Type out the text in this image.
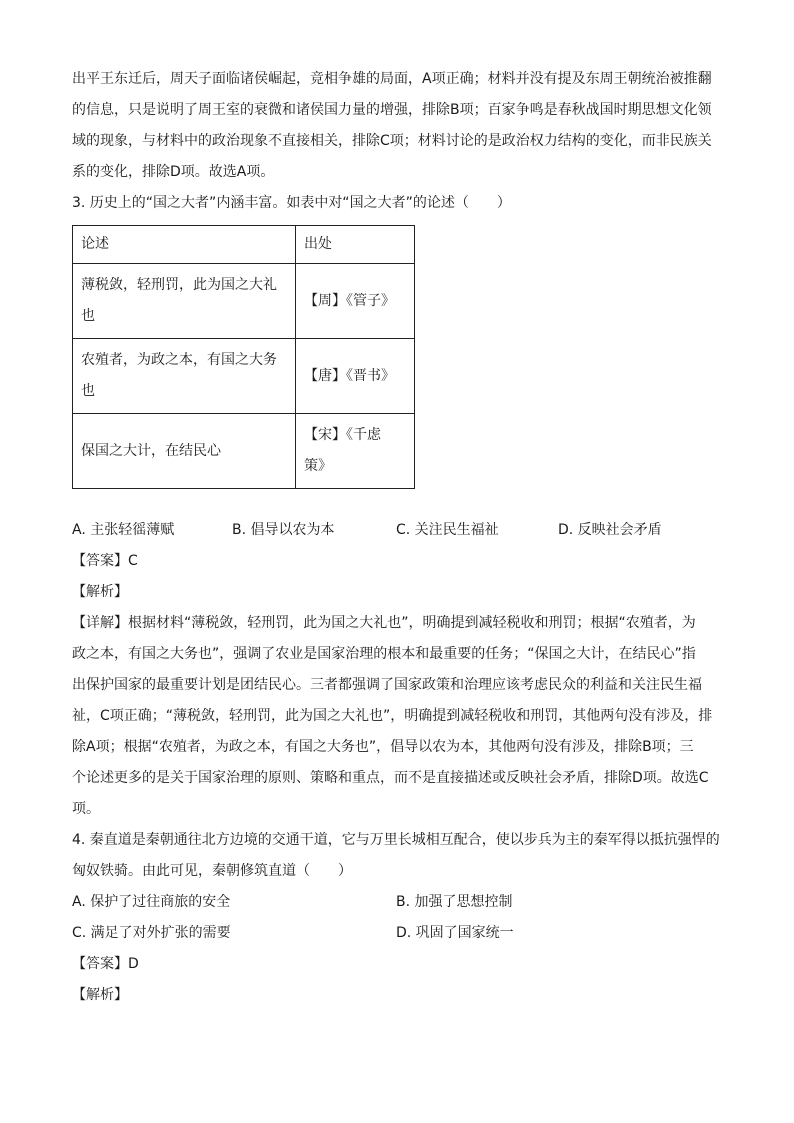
出平王东迁后，周天子面临诸侯崛起，竞相争雄的局面，A项正确；材料并没有提及东周王朝统治被推翻

的信息，只是说明了周王室的衰微和诸侯国力量的增强，排除B项；百家争鸣是春秋战国时期思想文化领

域的现象，与材料中的政治现象不直接相关，排除C项；材料讨论的是政治权力结构的变化，而非民族关

系的变化，排除D项。故选A项。

3. 历史上的“国之大者”内涵丰富。如表中对“国之大者”的论述（　　）

论述	出处

薄税敛，轻刑罚，此为国之大礼
也	【周】《管子》

农殖者，为政之本，有国之大务
也	【唐】《晋书》

保国之大计，在结民心	【宋】《千虑
策》
A. 主张轻徭薄赋	B. 倡导以农为本	C. 关注民生福祉	D. 反映社会矛盾

【答案】C

【解析】

【详解】根据材料“薄税敛，轻刑罚，此为国之大礼也”，明确提到减轻税收和刑罚；根据“农殖者，为

政之本，有国之大务也”，强调了农业是国家治理的根本和最重要的任务；“保国之大计，在结民心”指

出保护国家的最重要计划是团结民心。三者都强调了国家政策和治理应该考虑民众的利益和关注民生福

祉，C项正确；“薄税敛，轻刑罚，此为国之大礼也”，明确提到减轻税收和刑罚，其他两句没有涉及，排

除A项；根据“农殖者，为政之本，有国之大务也”，倡导以农为本，其他两句没有涉及，排除B项；三

个论述更多的是关于国家治理的原则、策略和重点，而不是直接描述或反映社会矛盾，排除D项。故选C

项。

4. 秦直道是秦朝通往北方边境的交通干道，它与万里长城相互配合，使以步兵为主的秦军得以抵抗强悍的

匈奴铁骑。由此可见，秦朝修筑直道（　　）

A. 保护了过往商旅的安全	B. 加强了思想控制
C. 满足了对外扩张的需要	D. 巩固了国家统一

【答案】D

【解析】
